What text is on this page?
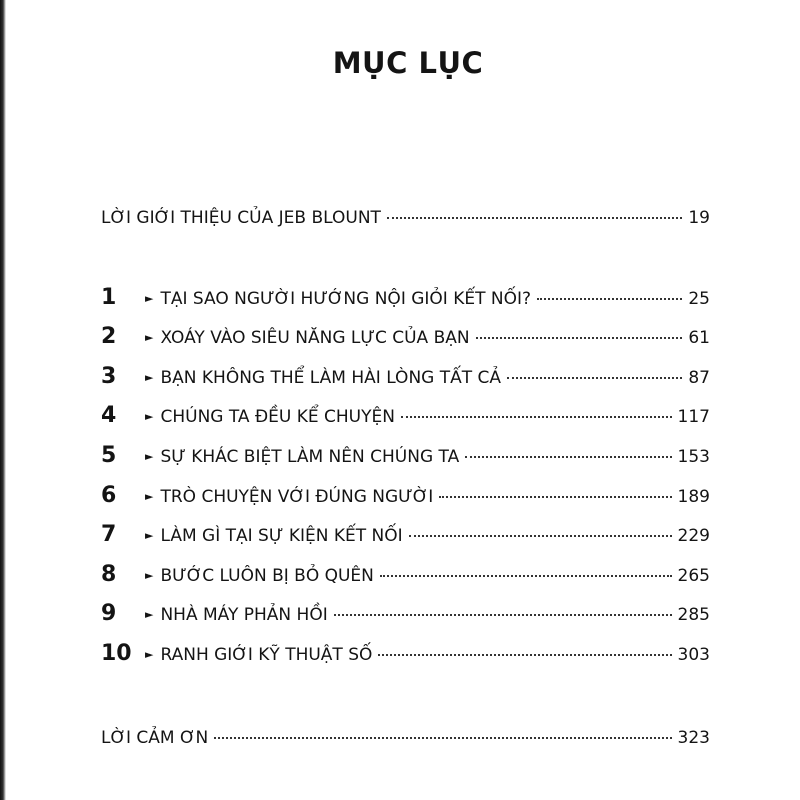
MỤC LỤC
LỜI GIỚI THIỆU CỦA JEB BLOUNT	19
1	► TẠI SAO NGƯỜI HƯỚNG NỘI GIỎI KẾT NỐI?	25
2	► XOÁY VÀO SIÊU NĂNG LỰC CỦA BẠN	61
3	► BẠN KHÔNG THỂ LÀM HÀI LÒNG TẤT CẢ	87
4	► CHÚNG TA ĐỀU KỂ CHUYỆN	117
5	► SỰ KHÁC BIỆT LÀM NÊN CHÚNG TA	153
6	► TRÒ CHUYỆN VỚI ĐÚNG NGƯỜI	189
7	► LÀM GÌ TẠI SỰ KIỆN KẾT NỐI	229
8	► BƯỚC LUÔN BỊ BỎ QUÊN	265
9	► NHÀ MÁY PHẢN HỒI	285
10	► RANH GIỚI KỸ THUẬT SỐ	303
LỜI CẢM ƠN	323
